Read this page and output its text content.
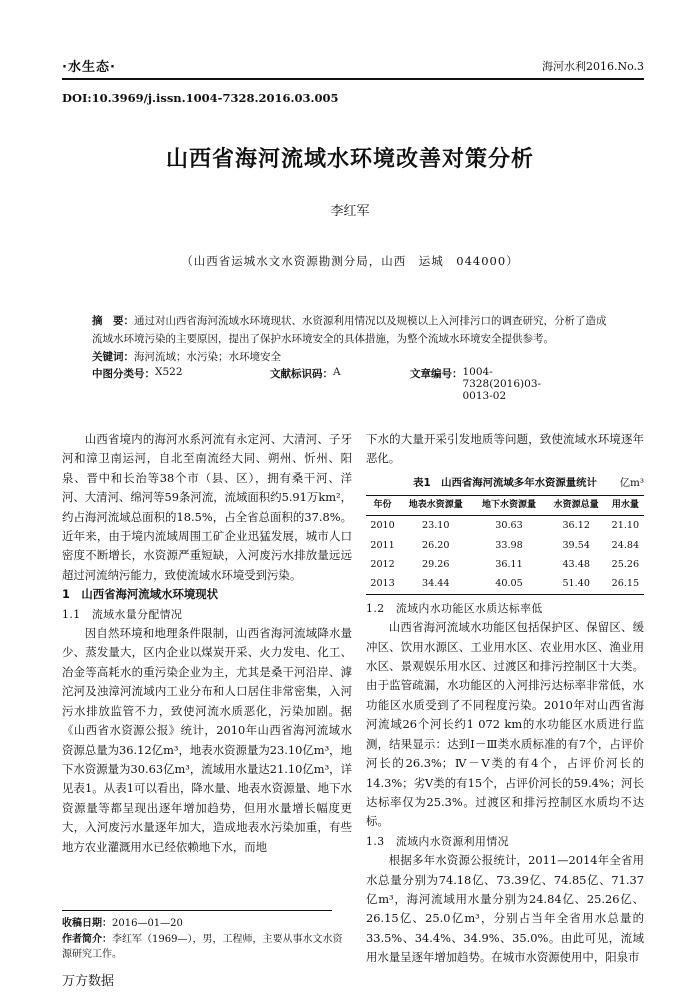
·水生态·	海河水利2016.No.3
DOI:10.3969/j.issn.1004-7328.2016.03.005
山西省海河流域水环境改善对策分析
李红军
（山西省运城水文水资源勘测分局，山西　运城　044000）
摘　要：通过对山西省海河流域水环境现状、水资源利用情况以及规模以上入河排污口的调查研究，分析了造成流域水环境污染的主要原因，提出了保护水环境安全的具体措施，为整个流域水环境安全提供参考。
关键词：海河流域；水污染；水环境安全
中图分类号： X522	文献标识码： A	文章编号： 1004-7328(2016)03-0013-02

山西省境内的海河水系河流有永定河、大清河、子牙河和漳卫南运河，自北至南流经大同、朔州、忻州、阳泉、晋中和长治等38个市（县、区），拥有桑干河、洋河、大清河、绵河等59条河流，流域面积约5.91万km²，约占海河流域总面积的18.5%，占全省总面积的37.8%。近年来，由于境内流域周围工矿企业迅猛发展，城市人口密度不断增长，水资源严重短缺，入河废污水排放量远远超过河流纳污能力，致使流域水环境受到污染。

1　山西省海河流域水环境现状

1.1　流域水量分配情况

因自然环境和地理条件限制，山西省海河流域降水量少、蒸发量大，区内企业以煤炭开采、火力发电、化工、冶金等高耗水的重污染企业为主，尤其是桑干河沿岸、滹沱河及浊漳河流域内工业分布和人口居住非常密集，入河污水排放监管不力，致使河流水质恶化，污染加剧。据《山西省水资源公报》统计，2010年山西省海河流域水资源总量为36.12亿m³，地表水资源量为23.10亿m³，地下水资源量为30.63亿m³，流域用水量达21.10亿m³，详见表1。从表1可以看出，降水量、地表水资源量、地下水资源量等都呈现出逐年增加趋势，但用水量增长幅度更大，入河废污水量逐年加大，造成地表水污染加重，有些地方农业灌溉用水已经依赖地下水，而地

下水的大量开采引发地质等问题，致使流域水环境逐年恶化。

表1　山西省海河流域多年水资源量统计 亿m³
年份	地表水资源量	地下水资源量	水资源总量	用水量
2010	23.10	30.63	36.12	21.10
2011	26.20	33.98	39.54	24.84
2012	29.26	36.11	43.48	25.26
2013	34.44	40.05	51.40	26.15

1.2　流域内水功能区水质达标率低

山西省海河流域水功能区包括保护区、保留区、缓冲区、饮用水源区、工业用水区、农业用水区、渔业用水区、景观娱乐用水区、过渡区和排污控制区十大类。由于监管疏漏，水功能区的入河排污达标率非常低，水功能区水质受到了不同程度污染。2010年对山西省海河流域26个河长约1 072 km的水功能区水质进行监测，结果显示：达到Ⅰ－Ⅲ类水质标准的有7个，占评价河长的26.3%；Ⅳ－Ⅴ类的有4个，占评价河长的14.3%；劣Ⅴ类的有15个，占评价河长的59.4%；河长达标率仅为25.3%。过渡区和排污控制区水质均不达标。

1.3　流域内水资源利用情况

根据多年水资源公报统计，2011—2014年全省用水总量分别为74.18亿、73.39亿、74.85亿、71.37亿m³，海河流域用水量分别为24.84亿、25.26亿、26.15亿、25.0亿m³，分别占当年全省用水总量的33.5%、34.4%、34.9%、35.0%。由此可见，流域用水量呈逐年增加趋势。在城市水资源使用中，阳泉市

收稿日期：2016—01—20
作者简介：李红军（1969—），男，工程师，主要从事水文水资源研究工作。
万方数据
